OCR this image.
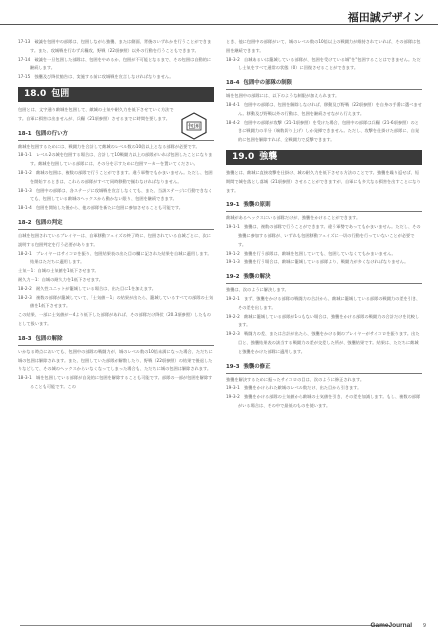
福田誠デザイン
17-13　破滅を包囲中の部隊は、包囲しながら強襲、または側面、背後のいずれかを行うことができます。また、攻城戦を行わず兵糧攻、野戦（22項参照）以外の行動を行うこともできます。
17-14　破滅を一旦包囲した部隊は、包囲をやめるか、包囲が不可能となるまで、その包囲は自動的に継続します。
17-15　強襲及び降伏勧告は、実施する前に攻城戦を宣言しなければなりません。
18.0 包囲
包囲とは、文字通り敵城を包囲して、敵城の士気や耐久力を低下させていく方法です。自軍に損害は出ませんが、兵糧（21項参照）させるまでに時間を要します。
包囲
18-1 包囲の行い方
敵城を包囲するためには、戦闘力を合計して敵城のレベル数の10倍以上となる部隊が必要です。
18-1-1　レベル2の城を包囲する場合は、合計して10戦闘力以上の部隊がいれば包囲したことになります。敵城を包囲している部隊には、その分を示すために包囲マーカーを置いてください。
18-1-2　敵城の包囲は、複数の部隊で行うことができます。違う軍勢でもかまいません。ただし、包囲を開始するときは、これらの部隊がすべて同時移動で揃わなければなりません。
18-1-3　包囲中の部隊は、各ステージに攻城戦を宣言しなくても、また、当該ステージに行動できなくても、包囲している敵城のヘックスから動かない限り、包囲を継続できます。
18-1-4　包囲を開始した後から、他の部隊を新たに包囲に参加させることも可能です。
18-2 包囲の判定
自城を包囲されているプレイヤーは、自軍移動フェイズの終了時に、包囲されている自城ごとに、次に説明する包囲判定を行う必要があります。
18-2-1　プレイヤーはサイコロを振り、包囲結果表の出た目の欄に記された結果を自城に適用します。結果はただちに適用します。
士気－1：自城の士気値を1低下させます。
耐久力－1：自城の耐久力を1低下させます。
18-2-2　耐久性ユニットが籠城している場合は、出た目に1を加えます。
18-2-3　複数の部隊が籠城していて、「士気値－1」の結果が出たら、籠城しているすべての部隊の士気値を1低下させます。
この結果、一部に士気値がー4より低下した部隊があれば、その部隊だけ降伏（20.3項参照）したものとして扱います。
18-3 包囲の解除
いかなる時点においても、包囲中の部隊の戦闘力が、城のレベル数の10倍未満になった場合、ただちに城の包囲は解除されます。また、包囲していた部隊が解散したり、野戦（22項参照）の結果で後退したりなどして、その城のヘックスからいなくなってしまった場合も、ただちに城の包囲は解除されます。
18-3-1　城を包囲している部隊が自発的に包囲を解除することも可能です。部隊の一部が包囲を解除することも可能です。この
とき、他に包囲中の部隊がいて、城のレベル数の10倍以上の戦闘力が維持されていれば、その部隊は包囲を継続できます。
18-3-2　自城あるいは籠城している部隊が、包囲を受けている城"を"包囲することはできません。ただし士気をすべて通常の状態（0）に回復させることができます。
18-4 包囲中の部隊の制限
城を包囲中の部隊には、以下のような制限が加えられます。
18-4-1　包囲中の部隊は、包囲を解除しなければ、移動及び野戦（22項参照）を自身の手番に選べません。移動及び野戦以外の行動は、包囲を継続させながら行えます。
18-4-2　包囲中の部隊が攻撃（21-1項参照）を受けた場合、包囲中の部隊は兵糧（21-6項参照）のときに戦闘力の半分（端数切り上げ）しか発揮できません。ただし、攻撃を仕掛けた部隊に、自発的に包囲を解除すれば、全戦闘力で反撃できます。
19.0 強襲
強襲とは、敵城に直接攻撃を仕掛け、城の耐久力を低下させる方法のことです。強襲を繰り返せば、短期間で城を落とし落城（21項参照）させることができますが、自軍にも多大なる損害を出すことになります。
19-1 強襲の原則
敵城があるヘックスにいる部隊だけが、強襲をかけることができます。
19-1-1　強襲は、複数の部隊で行うことができます。違う軍勢であってもかまいません。ただし、その強襲に参加する部隊が、いずれも包囲移動フェイズに一切の行動を行っていないことが必要です。
19-1-2　強襲を行う部隊は、敵城を包囲していても、包囲していなくてもかまいません。
19-1-3　強襲を行う場合は、敵城に籠城している部隊より、戦闘力が多くなければなりません。
19-2 強襲の解決
強襲は、次のように解決します。
19-2-1　まず、強襲をかける部隊の戦闘力の合計から、敵城に籠城している部隊の戦闘力の差を引き、その差を出します。
19-2-2　敵城に籠城している部隊が1つもない場合は、強襲をかける部隊の戦闘力の合計だけを比較します。
19-2-3　戦闘力の差、または合計が出たら、強襲をかける側のプレイヤーがサイコロを振ります。出た目と、強襲結果表の該当する戦闘力の差が交差した所が、強襲結果です。結果は、ただちに敵城と強襲をかけた部隊に適用します。
19-3 強襲の修正
強襲を解決するために振ったサイコロの目は、次のように修正されます。
19-3-1　強襲をかけられた敵城のレベル数だけ、出た目から引きます。
19-3-2　強襲をかける部隊の士気値から敵城の士気値を引き、その差を加減します。もし、複数の部隊がいる場合は、その中で最低のものを使います。
GameJournal 9
